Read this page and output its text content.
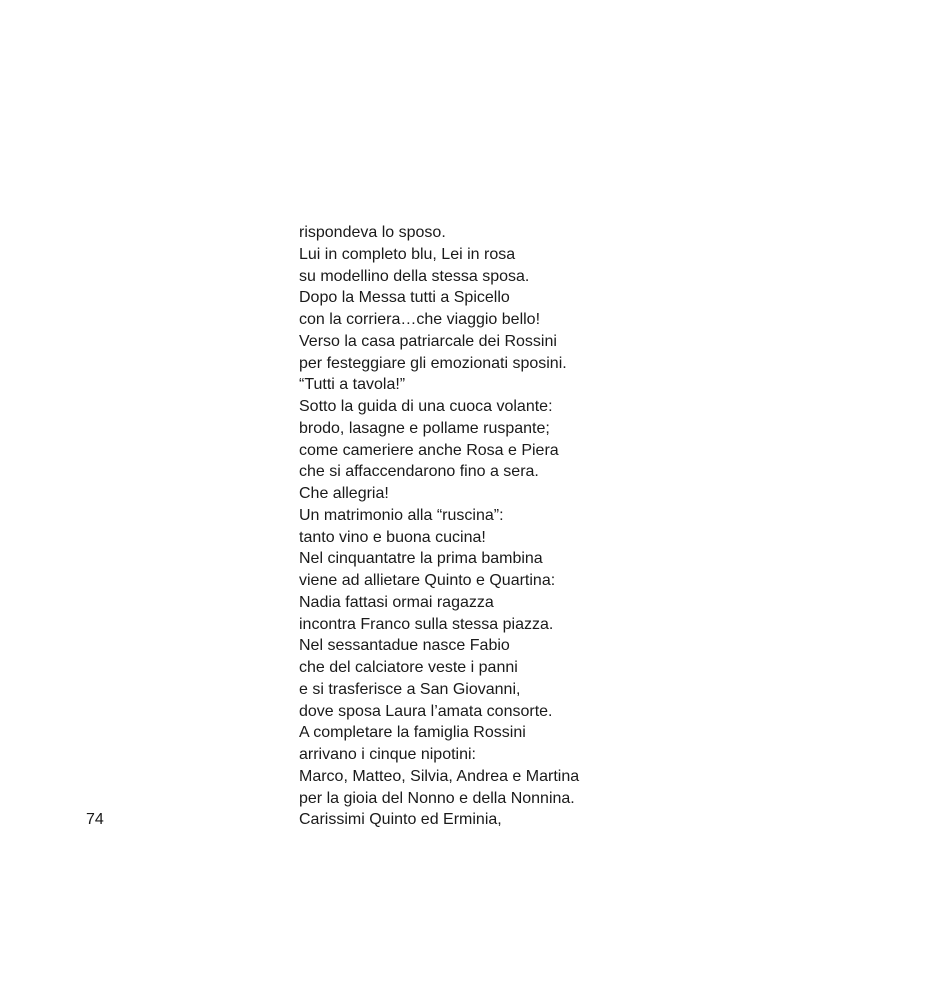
rispondeva lo sposo.
Lui in completo blu, Lei in rosa
su modellino della stessa sposa.
Dopo la Messa tutti a Spicello
con la corriera…che viaggio bello!
Verso la casa patriarcale dei Rossini
per festeggiare gli emozionati sposini.
“Tutti a tavola!”
Sotto la guida di una cuoca volante:
brodo, lasagne e pollame ruspante;
come cameriere anche Rosa e Piera
che si affaccendarono fino a sera.
Che allegria!
Un matrimonio alla “ruscina”:
tanto vino e buona cucina!
Nel cinquantatre la prima bambina
viene ad allietare Quinto e Quartina:
Nadia fattasi ormai ragazza
incontra Franco sulla stessa piazza.
Nel sessantadue nasce Fabio
che del calciatore veste i panni
e si trasferisce a San Giovanni,
dove sposa Laura l’amata consorte.
A completare la famiglia Rossini
arrivano i cinque nipotini:
Marco, Matteo, Silvia, Andrea e Martina
per la gioia del Nonno e della Nonnina.
Carissimi Quinto ed Erminia,
74
